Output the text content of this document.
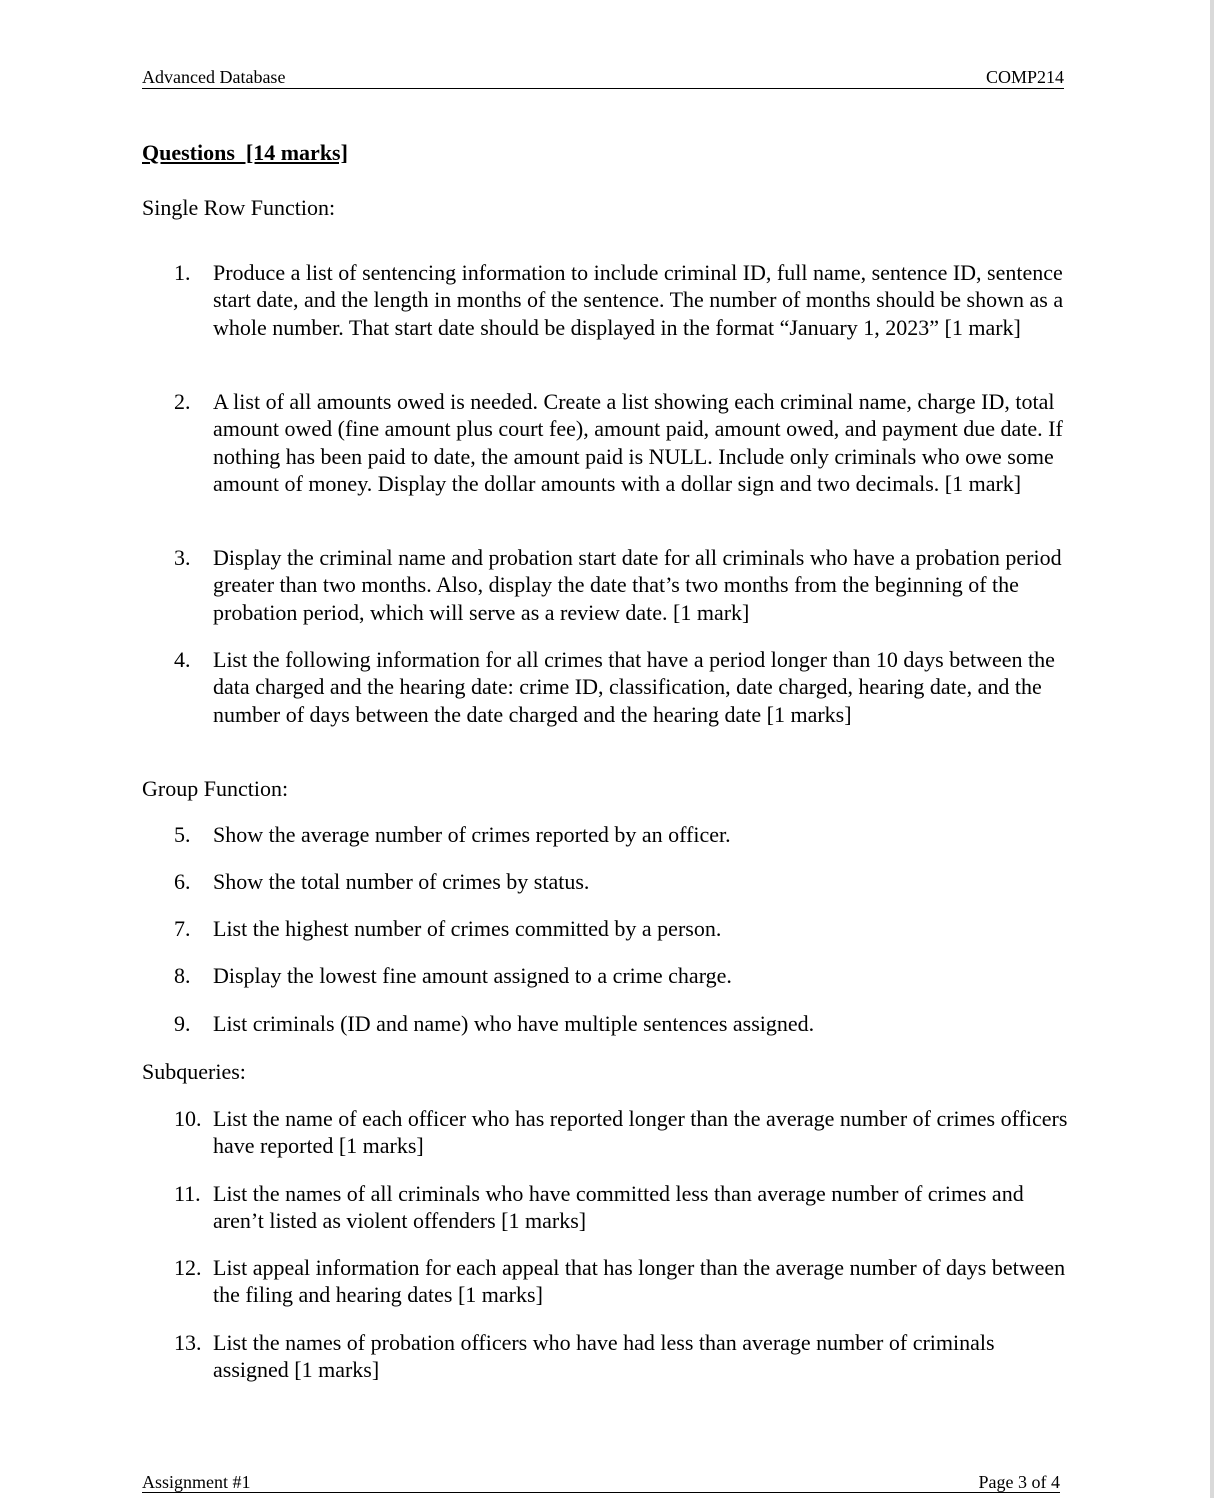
Advanced Database	COMP214
Questions  [14 marks]
Single Row Function:
1.	Produce a list of sentencing information to include criminal ID, full name, sentence ID, sentence start date, and the length in months of the sentence. The number of months should be shown as a whole number. That start date should be displayed in the format “January 1, 2023” [1 mark]
2.	A list of all amounts owed is needed. Create a list showing each criminal name, charge ID, total amount owed (fine amount plus court fee), amount paid, amount owed, and payment due date. If nothing has been paid to date, the amount paid is NULL. Include only criminals who owe some amount of money. Display the dollar amounts with a dollar sign and two decimals. [1 mark]
3.	Display the criminal name and probation start date for all criminals who have a probation period greater than two months. Also, display the date that’s two months from the beginning of the probation period, which will serve as a review date. [1 mark]
4.	List the following information for all crimes that have a period longer than 10 days between the data charged and the hearing date: crime ID, classification, date charged, hearing date, and the number of days between the date charged and the hearing date [1 marks]
Group Function:
5.	Show the average number of crimes reported by an officer.
6.	Show the total number of crimes by status.
7.	List the highest number of crimes committed by a person.
8.	Display the lowest fine amount assigned to a crime charge.
9.	List criminals (ID and name) who have multiple sentences assigned.
Subqueries:
10. List the name of each officer who has reported longer than the average number of crimes officers have reported [1 marks]
11. List the names of all criminals who have committed less than average number of crimes and aren’t listed as violent offenders [1 marks]
12. List appeal information for each appeal that has longer than the average number of days between the filing and hearing dates [1 marks]
13. List the names of probation officers who have had less than average number of criminals assigned [1 marks]
Assignment #1	Page 3 of 4
